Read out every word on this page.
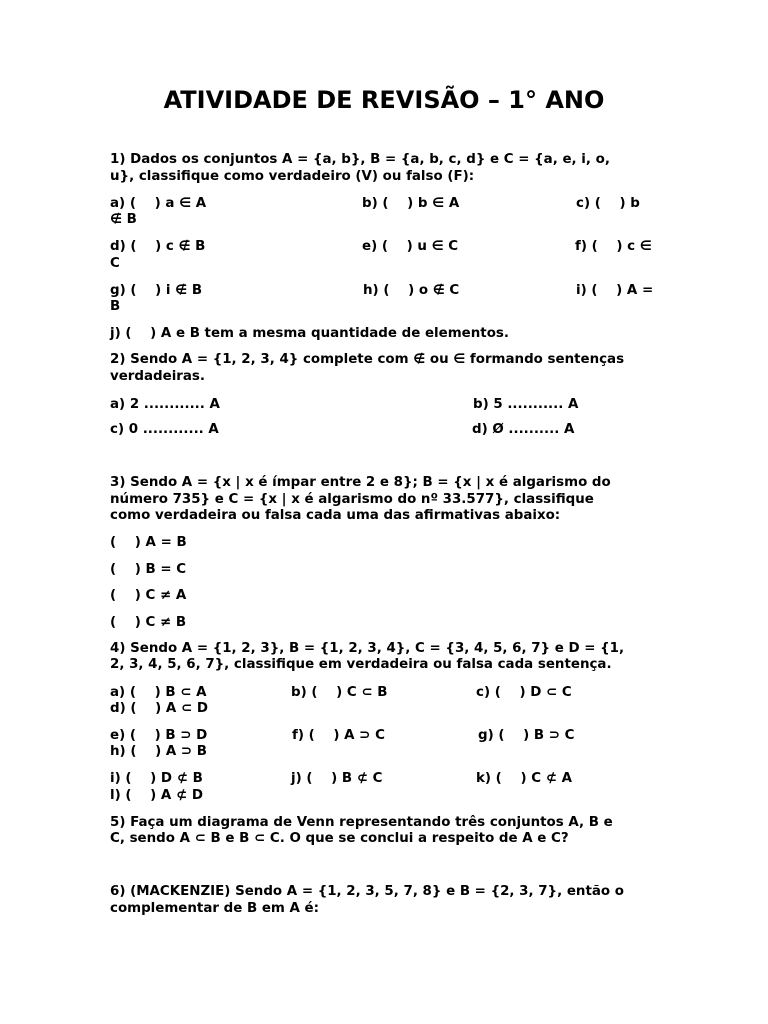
ATIVIDADE DE REVISÃO – 1° ANO

1) Dados os conjuntos A = {a, b}, B = {a, b, c, d} e C = {a, e, i, o,

u}, classifique como verdadeiro (V) ou falso (F):

a) (    ) a ∈ A	b) (    ) b ∈ A	c) (    ) b

∉ B

d) (    ) c ∉ B	e) (    ) u ∈ C	f) (    ) c ∈

C

g) (    ) i ∉ B	h) (    ) o ∉ C	i) (    ) A =

B

j) (    ) A e B tem a mesma quantidade de elementos.

2) Sendo A = {1, 2, 3, 4} complete com ∉ ou ∈ formando sentenças

verdadeiras.

a) 2 ............ A	b) 5 ........... A

c) 0 ............ A	d) Ø .......... A

3) Sendo A = {x | x é ímpar entre 2 e 8}; B = {x | x é algarismo do

número 735} e C = {x | x é algarismo do nº 33.577}, classifique

como verdadeira ou falsa cada uma das afirmativas abaixo:

(    ) A = B

(    ) B = C

(    ) C ≠ A

(    ) C ≠ B

4) Sendo A = {1, 2, 3}, B = {1, 2, 3, 4}, C = {3, 4, 5, 6, 7} e D = {1,

2, 3, 4, 5, 6, 7}, classifique em verdadeira ou falsa cada sentença.

a) (    ) B ⊂ A	b) (    ) C ⊂ B	c) (    ) D ⊂ C

d) (    ) A ⊂ D

e) (    ) B ⊃ D	f) (    ) A ⊃ C	g) (    ) B ⊃ C

h) (    ) A ⊃ B

i) (    ) D ⊄ B	j) (    ) B ⊄ C	k) (    ) C ⊄ A

l) (    ) A ⊄ D

5) Faça um diagrama de Venn representando três conjuntos A, B e

C, sendo A ⊂ B e B ⊂ C. O que se conclui a respeito de A e C?

6) (MACKENZIE) Sendo A = {1, 2, 3, 5, 7, 8} e B = {2, 3, 7}, então o

complementar de B em A é:
